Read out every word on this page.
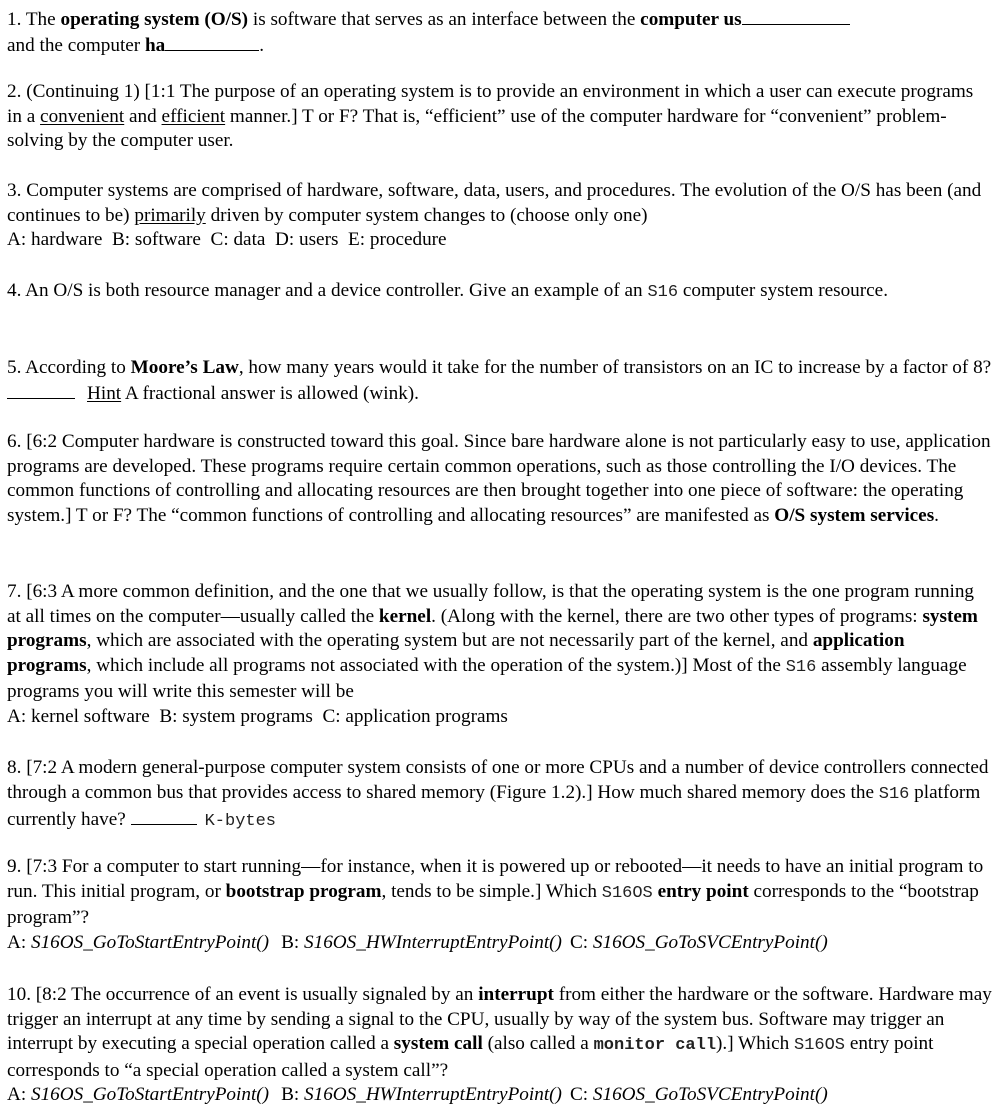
1. The operating system (O/S) is software that serves as an interface between the computer us
and the computer ha	.

2. (Continuing 1) [1:1 The purpose of an operating system is to provide an environment in which a user can execute programs in a convenient and efficient manner.] T or F? That is, “efficient” use of the computer hardware for “convenient” problem-solving by the computer user.

3. Computer systems are comprised of hardware, software, data, users, and procedures. The evolution of the O/S has been (and continues to be) primarily driven by computer system changes to (choose only one)
A: hardware  B: software  C: data  D: users  E: procedure

4. An O/S is both resource manager and a device controller. Give an example of an S16 computer system resource.

5. According to Moore’s Law, how many years would it take for the number of transistors on an IC to increase by a factor of 8? Hint A fractional answer is allowed (wink).

6. [6:2 Computer hardware is constructed toward this goal. Since bare hardware alone is not particularly easy to use, application programs are developed. These programs require certain common operations, such as those controlling the I/O devices. The common functions of controlling and allocating resources are then brought together into one piece of software: the operating system.] T or F? The “common functions of controlling and allocating resources” are manifested as O/S system services.

7. [6:3 A more common definition, and the one that we usually follow, is that the operating system is the one program running at all times on the computer—usually called the kernel. (Along with the kernel, there are two other types of programs: system programs, which are associated with the operating system but are not necessarily part of the kernel, and application programs, which include all programs not associated with the operation of the system.)] Most of the S16 assembly language programs you will write this semester will be
A: kernel software  B: system programs  C: application programs

8. [7:2 A modern general-purpose computer system consists of one or more CPUs and a number of device controllers connected through a common bus that provides access to shared memory (Figure 1.2).] How much shared memory does the S16 platform currently have?	K-bytes

9. [7:3 For a computer to start running—for instance, when it is powered up or rebooted—it needs to have an initial program to run. This initial program, or bootstrap program, tends to be simple.] Which S16OS entry point corresponds to the “bootstrap program”?
A: S16OS_GoToStartEntryPoint() B: S16OS_HWInterruptEntryPoint() C: S16OS_GoToSVCEntryPoint()

10. [8:2 The occurrence of an event is usually signaled by an interrupt from either the hardware or the software. Hardware may trigger an interrupt at any time by sending a signal to the CPU, usually by way of the system bus. Software may trigger an interrupt by executing a special operation called a system call (also called a monitor call).] Which S16OS entry point corresponds to “a special operation called a system call”?
A: S16OS_GoToStartEntryPoint() B: S16OS_HWInterruptEntryPoint() C: S16OS_GoToSVCEntryPoint()
